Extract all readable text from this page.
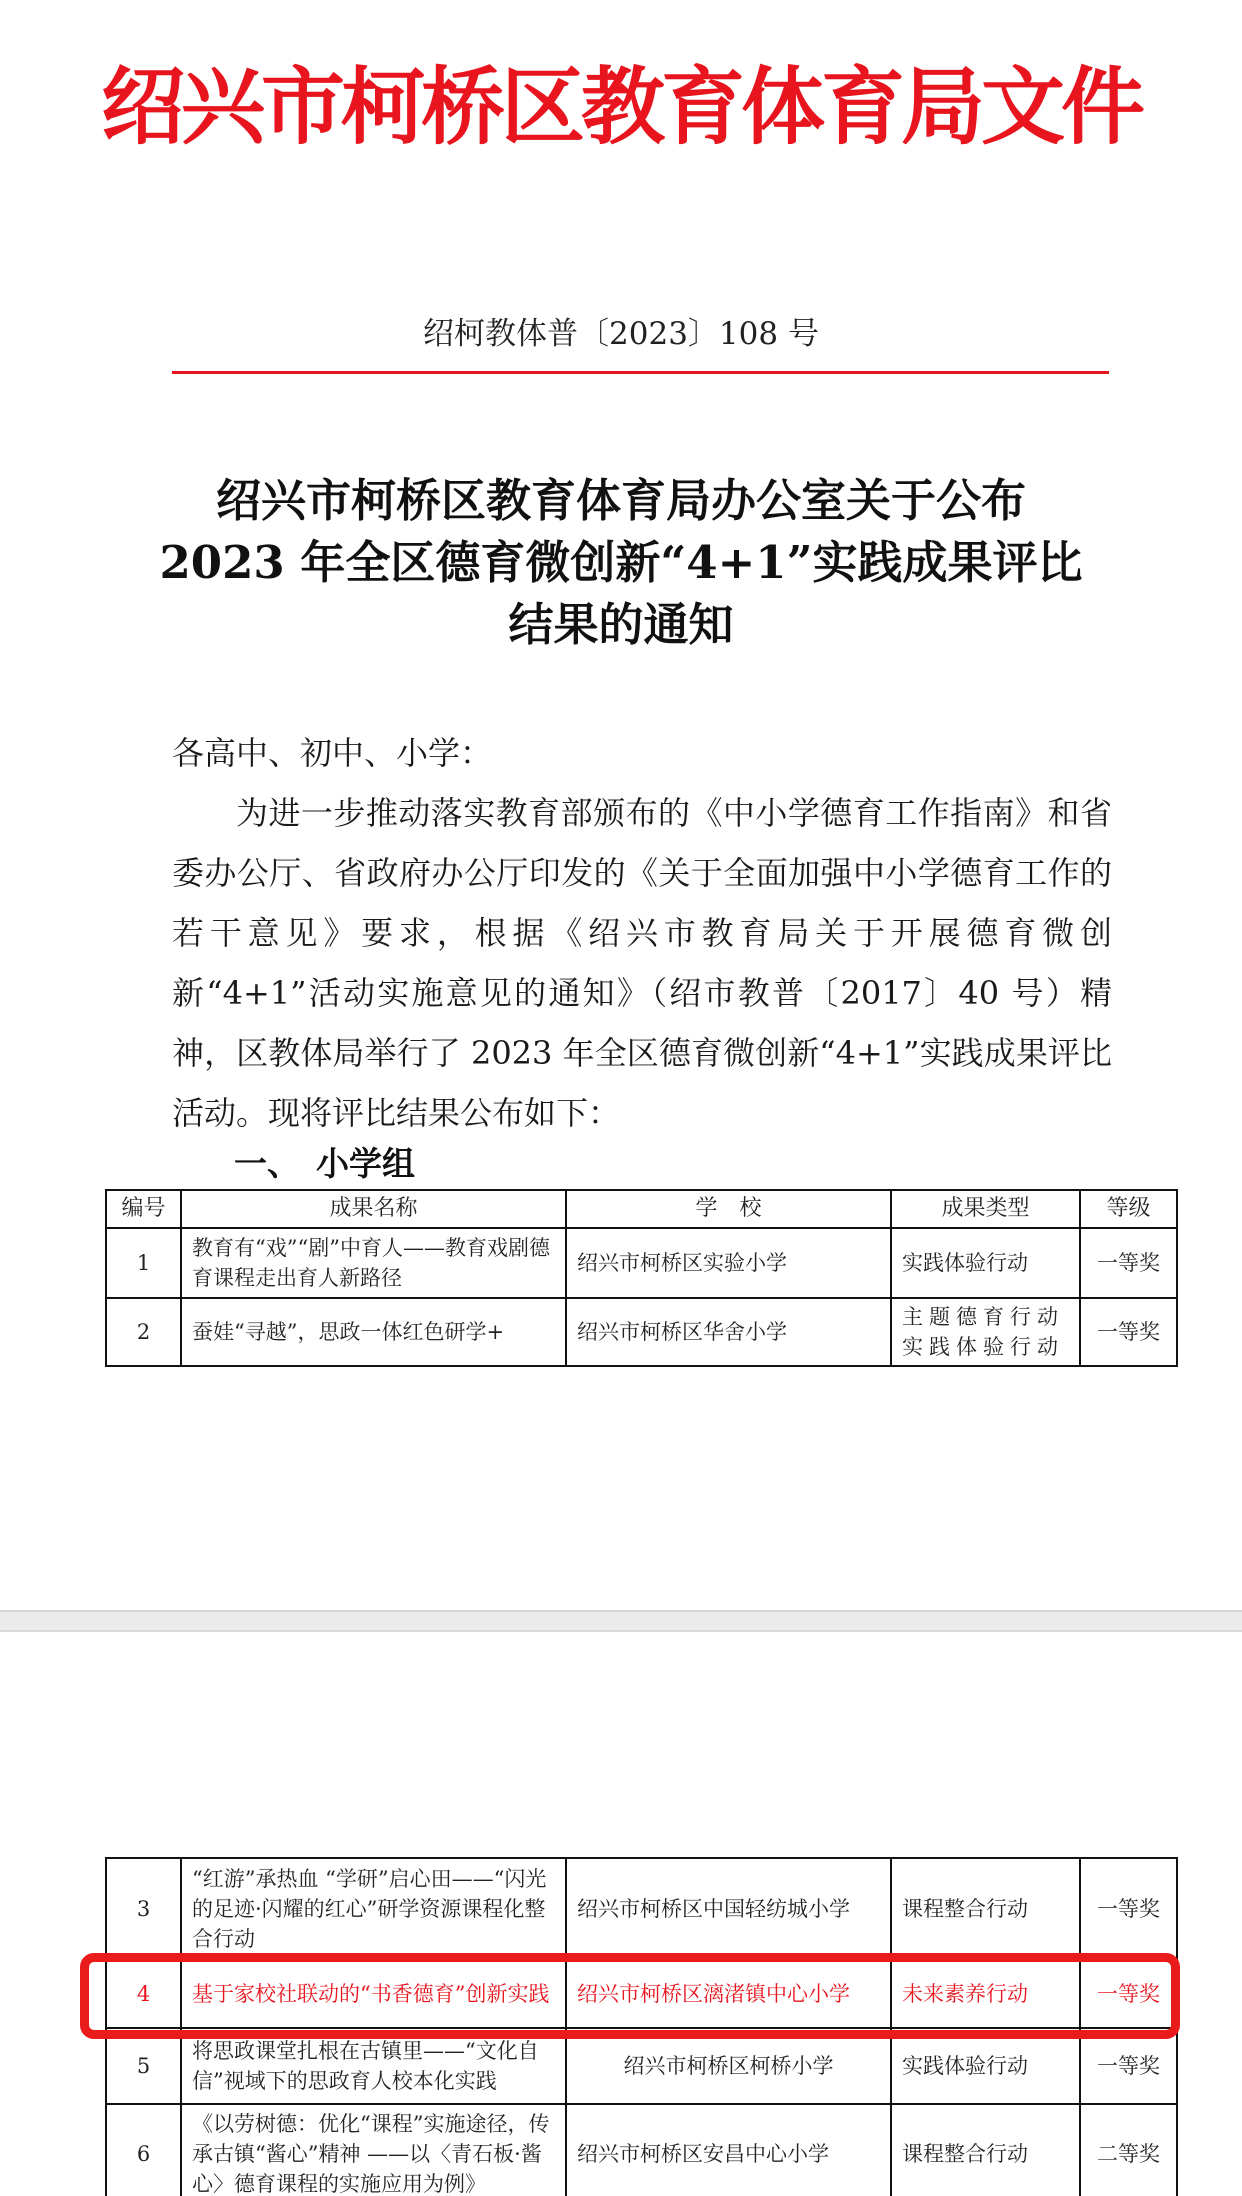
绍兴市柯桥区教育体育局文件
绍柯教体普〔2023〕108 号
绍兴市柯桥区教育体育局办公室关于公布
2023 年全区德育微创新“4+1”实践成果评比
结果的通知

各高中、初中、小学：

为进一步推动落实教育部颁布的《中小学德育工作指南》和省委办公厅、省政府办公厅印发的《关于全面加强中小学德育工作的若干意见》要求，根据《绍兴市教育局关于开展德育微创新“4+1”活动实施意见的通知》（绍市教普〔2017〕40 号）精神，区教体局举行了 2023 年全区德育微创新“4+1”实践成果评比活动。现将评比结果公布如下：

一、 小学组
编号	成果名称	学　校	成果类型	等级
1	教育有“戏”“剧”中育人——教育戏剧德育课程走出育人新路径	绍兴市柯桥区实验小学	实践体验行动	一等奖
2	蚕娃“寻越”，思政一体红色研学+	绍兴市柯桥区华舍小学	主题德育行动实践体验行动	一等奖
3	“红游”承热血 “学研”启心田——“闪光的足迹·闪耀的红心”研学资源课程化整合行动	绍兴市柯桥区中国轻纺城小学	课程整合行动	一等奖
4	基于家校社联动的“书香德育”创新实践	绍兴市柯桥区漓渚镇中心小学	未来素养行动	一等奖
5	将思政课堂扎根在古镇里——“文化自信”视域下的思政育人校本化实践	绍兴市柯桥区柯桥小学	实践体验行动	一等奖
6	《以劳树德：优化“课程”实施途径，传承古镇“酱心”精神 ——以〈青石板·酱心〉德育课程的实施应用为例》	绍兴市柯桥区安昌中心小学	课程整合行动	二等奖
